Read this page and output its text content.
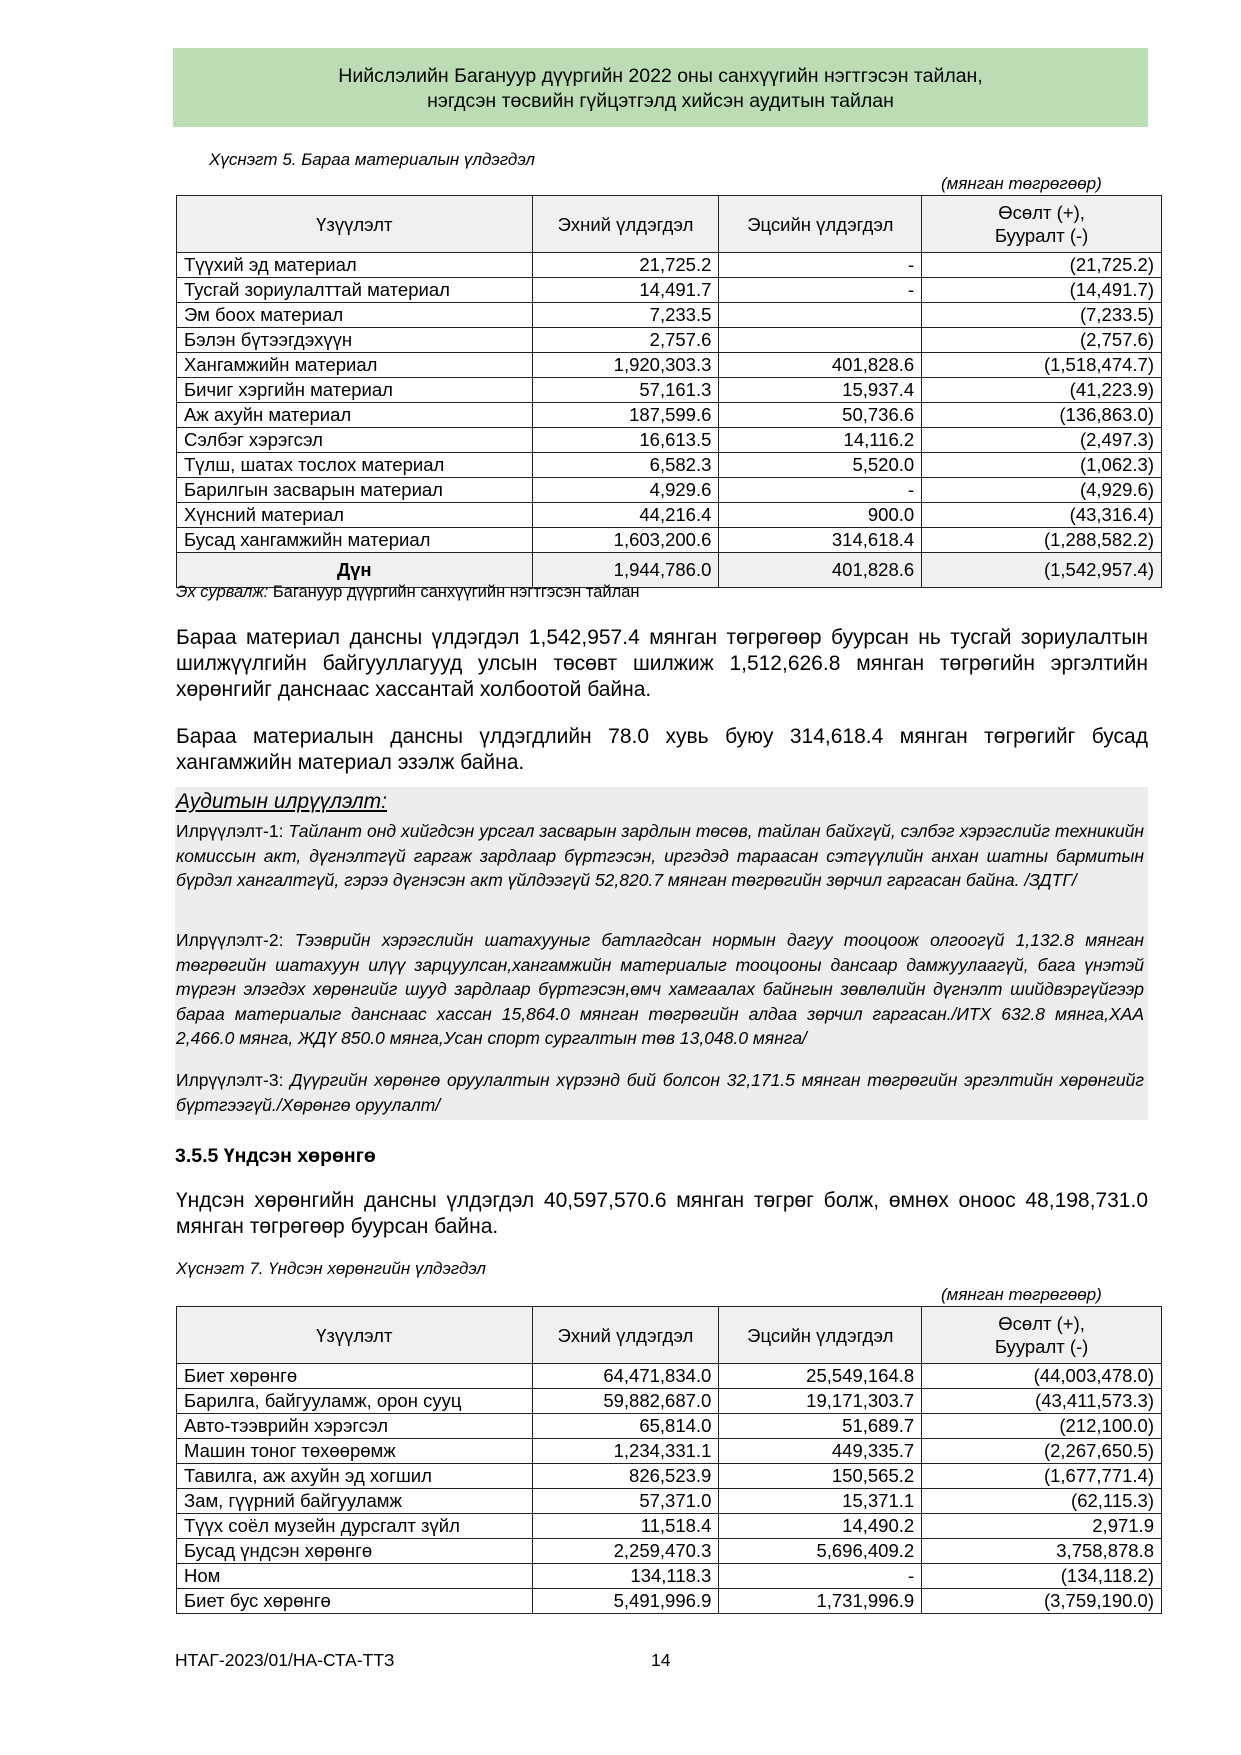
Нийслэлийн Багануур дүүргийн 2022 оны санхүүгийн нэгтгэсэн тайлан,
нэгдсэн төсвийн гүйцэтгэлд хийсэн аудитын тайлан
Хүснэгт 5. Бараа материалын үлдэгдэл
(мянган төгрөгөөр)
Үзүүлэлт	Эхний үлдэгдэл	Эцсийн үлдэгдэл	Өсөлт (+),
Бууралт (-)

Түүхий эд материал	21,725.2	-	(21,725.2)
Тусгай зориулалттай материал	14,491.7	-	(14,491.7)
Эм боох материал	7,233.5		(7,233.5)
Бэлэн бүтээгдэхүүн	2,757.6		(2,757.6)
Хангамжийн материал	1,920,303.3	401,828.6	(1,518,474.7)
Бичиг хэргийн материал	57,161.3	15,937.4	(41,223.9)
Аж ахуйн материал	187,599.6	50,736.6	(136,863.0)
Сэлбэг хэрэгсэл	16,613.5	14,116.2	(2,497.3)
Түлш, шатах тослох материал	6,582.3	5,520.0	(1,062.3)
Барилгын засварын материал	4,929.6	-	(4,929.6)
Хүнсний материал	44,216.4	900.0	(43,316.4)
Бусад хангамжийн материал	1,603,200.6	314,618.4	(1,288,582.2)
Дүн	1,944,786.0	401,828.6	(1,542,957.4)
Эх сурвалж: Багануур дүүргийн санхүүгийн нэгтгэсэн тайлан
Бараа материал дансны үлдэгдэл 1,542,957.4 мянган төгрөгөөр буурсан нь тусгай зориулалтын шилжүүлгийн байгууллагууд улсын төсөвт шилжиж 1,512,626.8 мянган төгрөгийн эргэлтийн хөрөнгийг данснаас хассантай холбоотой байна.
Бараа материалын дансны үлдэгдлийн 78.0 хувь буюу 314,618.4 мянган төгрөгийг бусад хангамжийн материал эзэлж байна.
Аудитын илрүүлэлт:
Илрүүлэлт-1: Тайлант онд хийгдсэн урсгал засварын зардлын төсөв, тайлан байхгүй, сэлбэг хэрэгслийг техникийн комиссын акт, дүгнэлтгүй гаргаж зардлаар бүртгэсэн, иргэдэд тараасан сэтгүүлийн анхан шатны бармитын бүрдэл хангалтгүй, гэрээ дүгнэсэн акт үйлдээгүй 52,820.7 мянган төгрөгийн зөрчил гаргасан байна. /ЗДТГ/
Илрүүлэлт-2: Тээврийн хэрэгслийн шатахууныг батлагдсан нормын дагуу тооцоож олгоогүй 1,132.8 мянган төгрөгийн шатахуун илүү зарцуулсан,хангамжийн материалыг тооцооны дансаар дамжуулаагүй, бага үнэтэй түргэн элэгдэх хөрөнгийг шууд зардлаар бүртгэсэн,өмч хамгаалах байнгын зөвлөлийн дүгнэлт шийдвэргүйгээр бараа материалыг данснаас хассан 15,864.0 мянган төгрөгийн алдаа зөрчил гаргасан./ИТХ 632.8 мянга,ХАА 2,466.0 мянга, ЖДҮ 850.0 мянга,Усан спорт сургалтын төв 13,048.0 мянга/
Илрүүлэлт-3: Дүүргийн хөрөнгө оруулалтын хүрээнд бий болсон 32,171.5 мянган төгрөгийн эргэлтийн хөрөнгийг бүртгээгүй./Хөрөнгө оруулалт/
3.5.5 Үндсэн хөрөнгө
Үндсэн хөрөнгийн дансны үлдэгдэл 40,597,570.6 мянган төгрөг болж, өмнөх оноос 48,198,731.0 мянган төгрөгөөр буурсан байна.
Хүснэгт 7. Үндсэн хөрөнгийн үлдэгдэл
(мянган төгрөгөөр)
Үзүүлэлт	Эхний үлдэгдэл	Эцсийн үлдэгдэл	Өсөлт (+),
Бууралт (-)

Биет хөрөнгө	64,471,834.0	25,549,164.8	(44,003,478.0)
Барилга, байгууламж, орон сууц	59,882,687.0	19,171,303.7	(43,411,573.3)
Авто-тээврийн хэрэгсэл	65,814.0	51,689.7	(212,100.0)
Машин тоног төхөөрөмж	1,234,331.1	449,335.7	(2,267,650.5)
Тавилга, аж ахуйн эд хогшил	826,523.9	150,565.2	(1,677,771.4)
Зам, гүүрний байгууламж	57,371.0	15,371.1	(62,115.3)
Түүх соёл музейн дурсгалт зүйл	11,518.4	14,490.2	2,971.9
Бусад үндсэн хөрөнгө	2,259,470.3	5,696,409.2	3,758,878.8
Ном	134,118.3	-	(134,118.2)
Биет бус хөрөнгө	5,491,996.9	1,731,996.9	(3,759,190.0)
НТАГ-2023/01/НА-СТА-ТТЗ	14
